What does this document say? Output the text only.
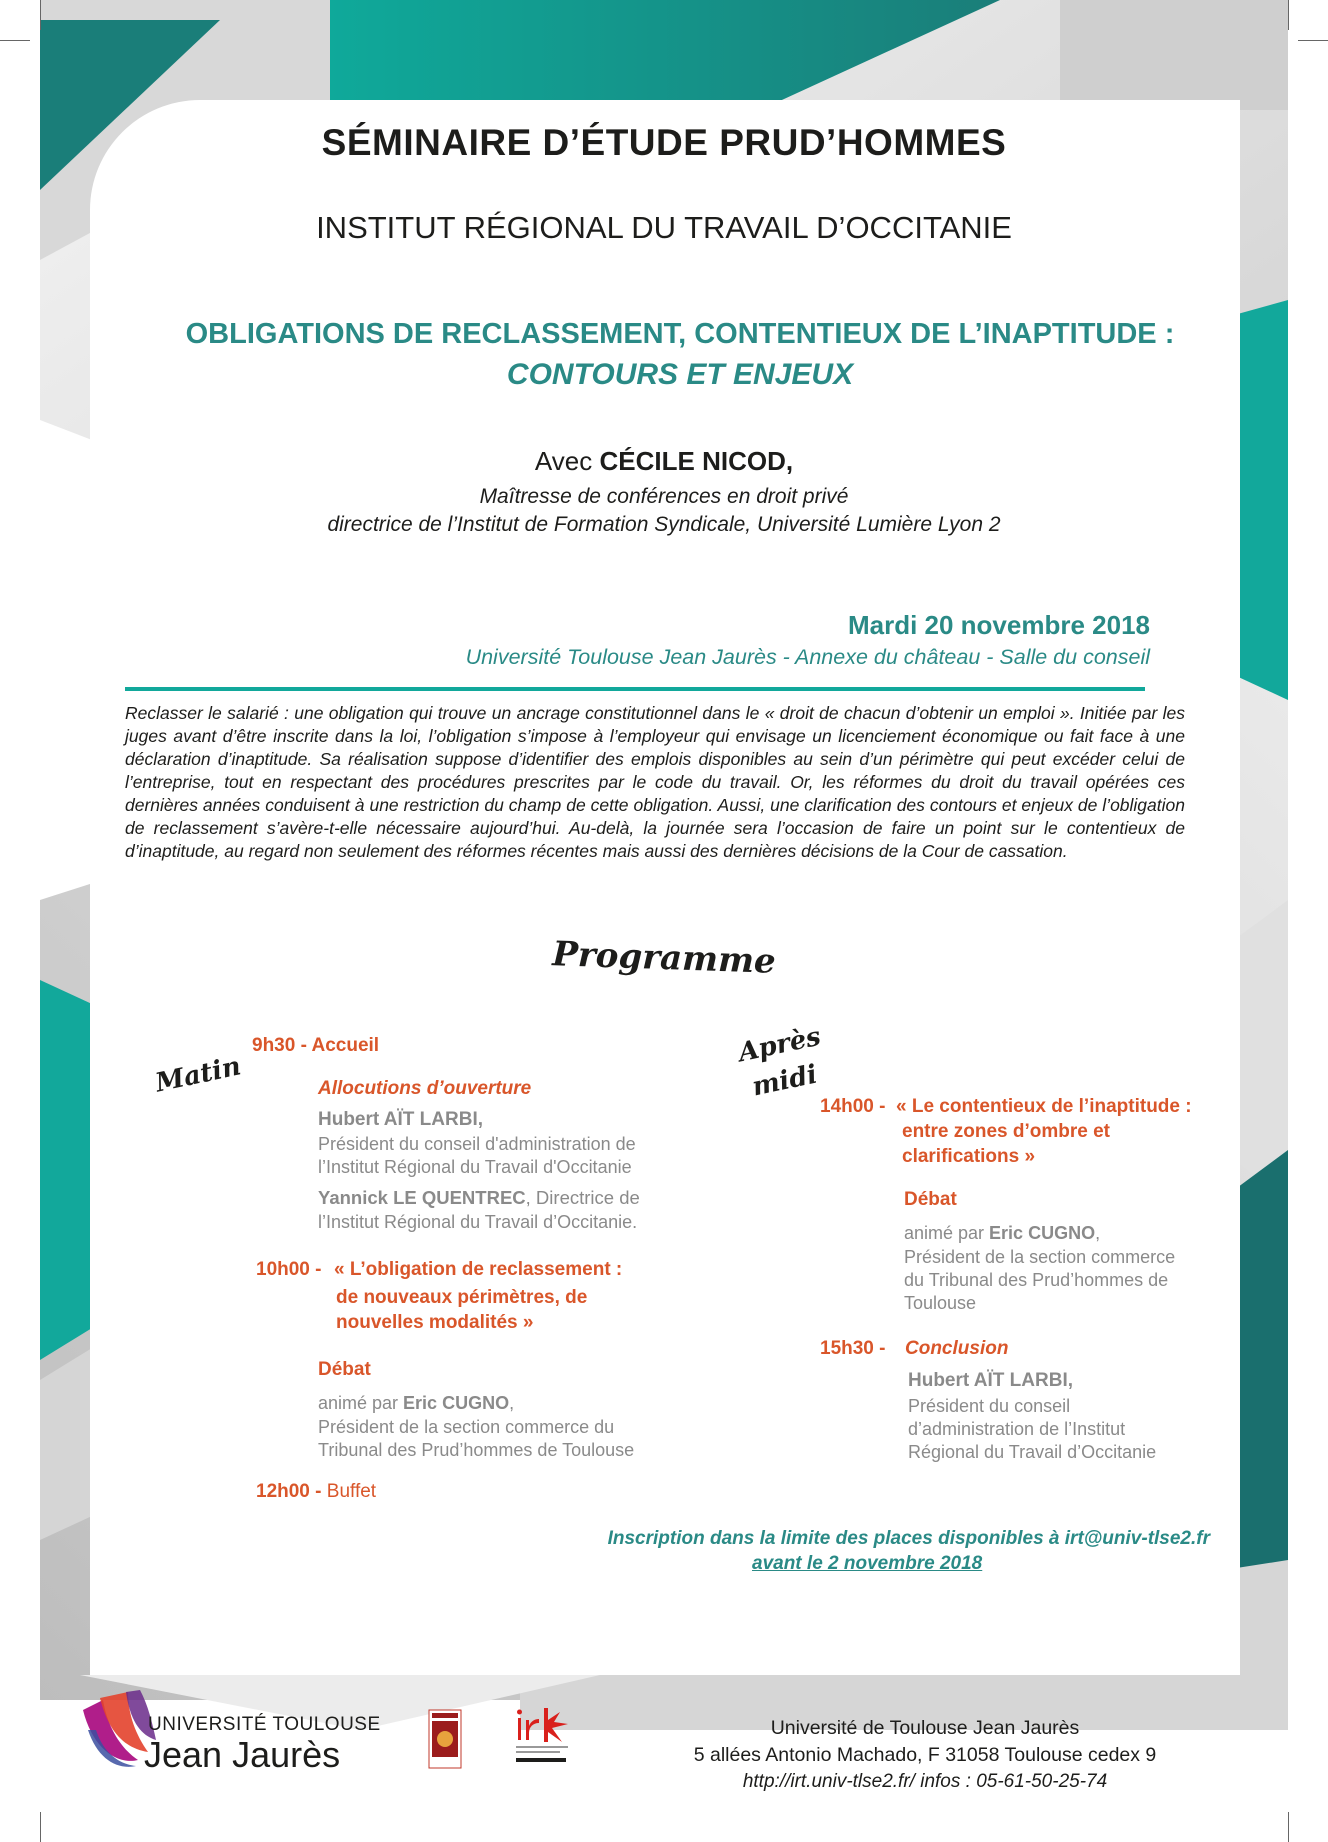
SÉMINAIRE D’ÉTUDE PRUD’HOMMES
INSTITUT RÉGIONAL DU TRAVAIL D’OCCITANIE
OBLIGATIONS DE RECLASSEMENT, CONTENTIEUX DE L’INAPTITUDE :
CONTOURS ET ENJEUX
Avec CÉCILE NICOD,
Maîtresse de conférences en droit privé
directrice de l’Institut de Formation Syndicale, Université Lumière Lyon 2
Mardi 20 novembre 2018
Université Toulouse Jean Jaurès - Annexe du château - Salle du conseil
Reclasser le salarié : une obligation qui trouve un ancrage constitutionnel dans le « droit de chacun d’obtenir un emploi ». Initiée par les juges avant d’être inscrite dans la loi, l’obligation s’impose à l’employeur qui envisage un licenciement économique ou fait face à une déclaration d’inaptitude. Sa réalisation suppose d’identifier des emplois disponibles au sein d’un périmètre qui peut excéder celui de l’entreprise, tout en respectant des procédures prescrites par le code du travail. Or, les réformes du droit du travail opérées ces dernières années conduisent à une restriction du champ de cette obligation. Aussi, une clarification des contours et enjeux de l’obligation de reclassement s’avère-t-elle nécessaire aujourd’hui. Au-delà, la journée sera l’occasion de faire un point sur le contentieux de d’inaptitude, au regard non seulement des réformes récentes mais aussi des dernières décisions de la Cour de cassation.
Programme
Matin
Après
midi
9h30 - Accueil
Allocutions d’ouverture
Hubert AÏT LARBI,
Président du conseil d'administration de
l’Institut Régional du Travail d'Occitanie
Yannick LE QUENTREC, Directrice de
l’Institut Régional du Travail d’Occitanie.
10h00 - « L’obligation de reclassement :
de nouveaux périmètres, de
nouvelles modalités »
Débat
animé par Eric CUGNO,
Président de la section commerce du
Tribunal des Prud’hommes de Toulouse
12h00 - Buffet
14h00 - « Le contentieux de l’inaptitude :
entre zones d’ombre et
clarifications »
Débat
animé par Eric CUGNO,
Président de la section commerce
du Tribunal des Prud’hommes de
Toulouse
15h30 - Conclusion
Hubert AÏT LARBI,
Président du conseil
d’administration de l’Institut
Régional du Travail d’Occitanie
Inscription dans la limite des places disponibles à irt@univ-tlse2.fr
avant le 2 novembre 2018
UNIVERSITÉ TOULOUSE
Jean Jaurès
Université de Toulouse Jean Jaurès
5 allées Antonio Machado, F 31058 Toulouse cedex 9
http://irt.univ-tlse2.fr/ infos : 05-61-50-25-74
